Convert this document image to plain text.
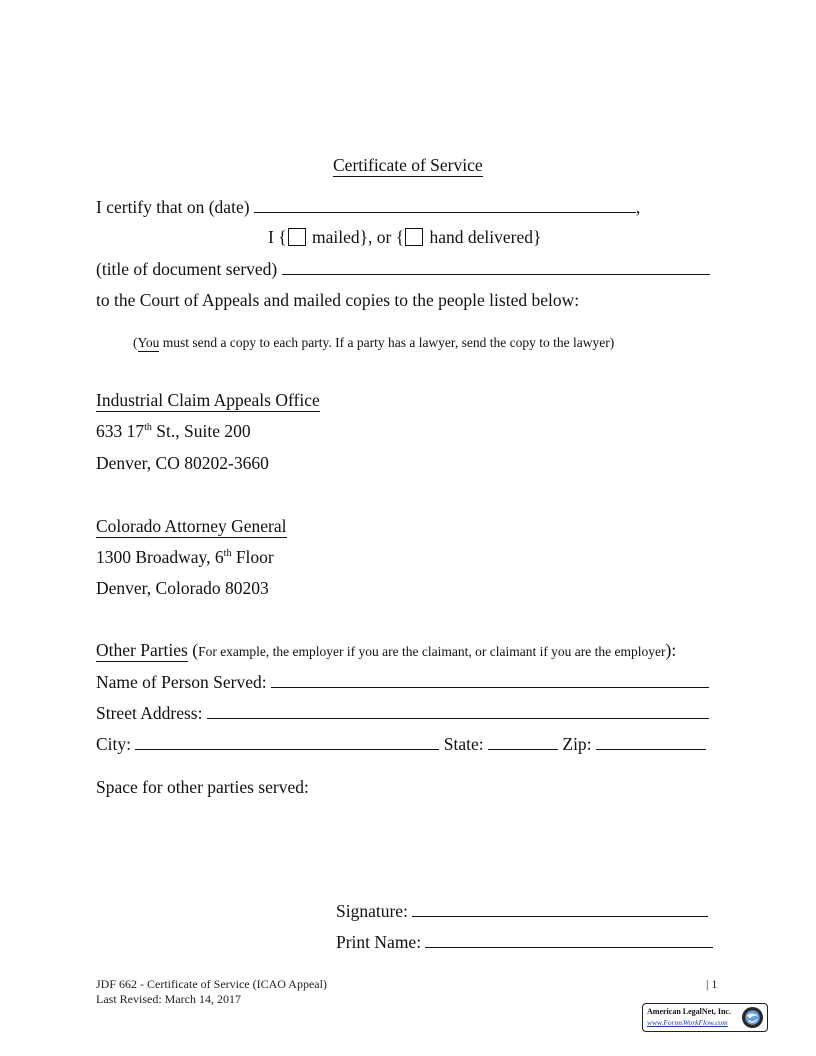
Certificate of Service
I certify that on (date)	,
I { mailed}, or { hand delivered}
(title of document served)
to the Court of Appeals and mailed copies to the people listed below:
(You must send a copy to each party. If a party has a lawyer, send the copy to the lawyer)
Industrial Claim Appeals Office
633 17th St., Suite 200
Denver, CO 80202-3660
Colorado Attorney General
1300 Broadway, 6th Floor
Denver, Colorado 80203
Other Parties (For example, the employer if you are the claimant, or claimant if you are the employer):
Name of Person Served:
Street Address:
City:	State:	Zip:
Space for other parties served:
Signature:
Print Name:
JDF 662 - Certificate of Service (ICAO Appeal)
Last Revised: March 14, 2017
| 1
American LegalNet, Inc.
www.FormsWorkFlow.com
